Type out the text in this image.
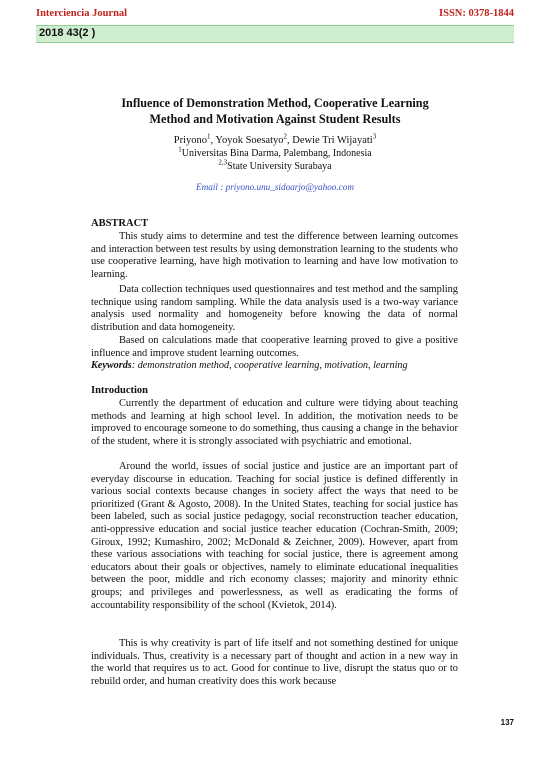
Interciencia Journal	ISSN: 0378-1844
2018 43(2 )
Influence of Demonstration Method, Cooperative Learning
Method and Motivation Against Student Results
Priyono$^1$, Yoyok Soesatyo$^2$, Dewie Tri Wijayati$^3$
$^1$Universitas Bina Darma, Palembang, Indonesia
$^{2,3}$State University Surabaya
Email : priyono.unu_sidoarjo@yahoo.com
ABSTRACT

This study aims to determine and test the difference between learning outcomes and interaction between test results by using demonstration learning to the students who use cooperative learning, have high motivation to learning and have low motivation to learning.

Data collection techniques used questionnaires and test method and the sampling technique using random sampling. While the data analysis used is a two-way variance analysis used normality and homogeneity before knowing the data of normal distribution and data homogeneity.

Based on calculations made that cooperative learning proved to give a positive influence and improve student learning outcomes.

Keywords: demonstration method, cooperative learning, motivation, learning
Introduction

Currently the department of education and culture were tidying about teaching methods and learning at high school level. In addition, the motivation needs to be improved to encourage someone to do something, thus causing a change in the behavior of the student, where it is strongly associated with psychiatric and emotional.

Around the world, issues of social justice and justice are an important part of everyday discourse in education. Teaching for social justice is defined differently in various social contexts because changes in society affect the ways that need to be prioritized (Grant & Agosto, 2008). In the United States, teaching for social justice has been labeled, such as social justice pedagogy, social reconstruction teacher education, anti-oppressive education and social justice teacher education (Cochran-Smith, 2009; Giroux, 1992; Kumashiro, 2002; McDonald & Zeichner, 2009). However, apart from these various associations with teaching for social justice, there is agreement among educators about their goals or objectives, namely to eliminate educational inequalities between the poor, middle and rich economy classes; majority and minority ethnic groups; and privileges and powerlessness, as well as eradicating the forms of accountability responsibility of the school (Kvietok, 2014).

This is why creativity is part of life itself and not something destined for unique individuals. Thus, creativity is a necessary part of thought and action in a new way in the world that requires us to act. Good for continue to live, disrupt the status quo or to rebuild order, and human creativity does this work because

137
